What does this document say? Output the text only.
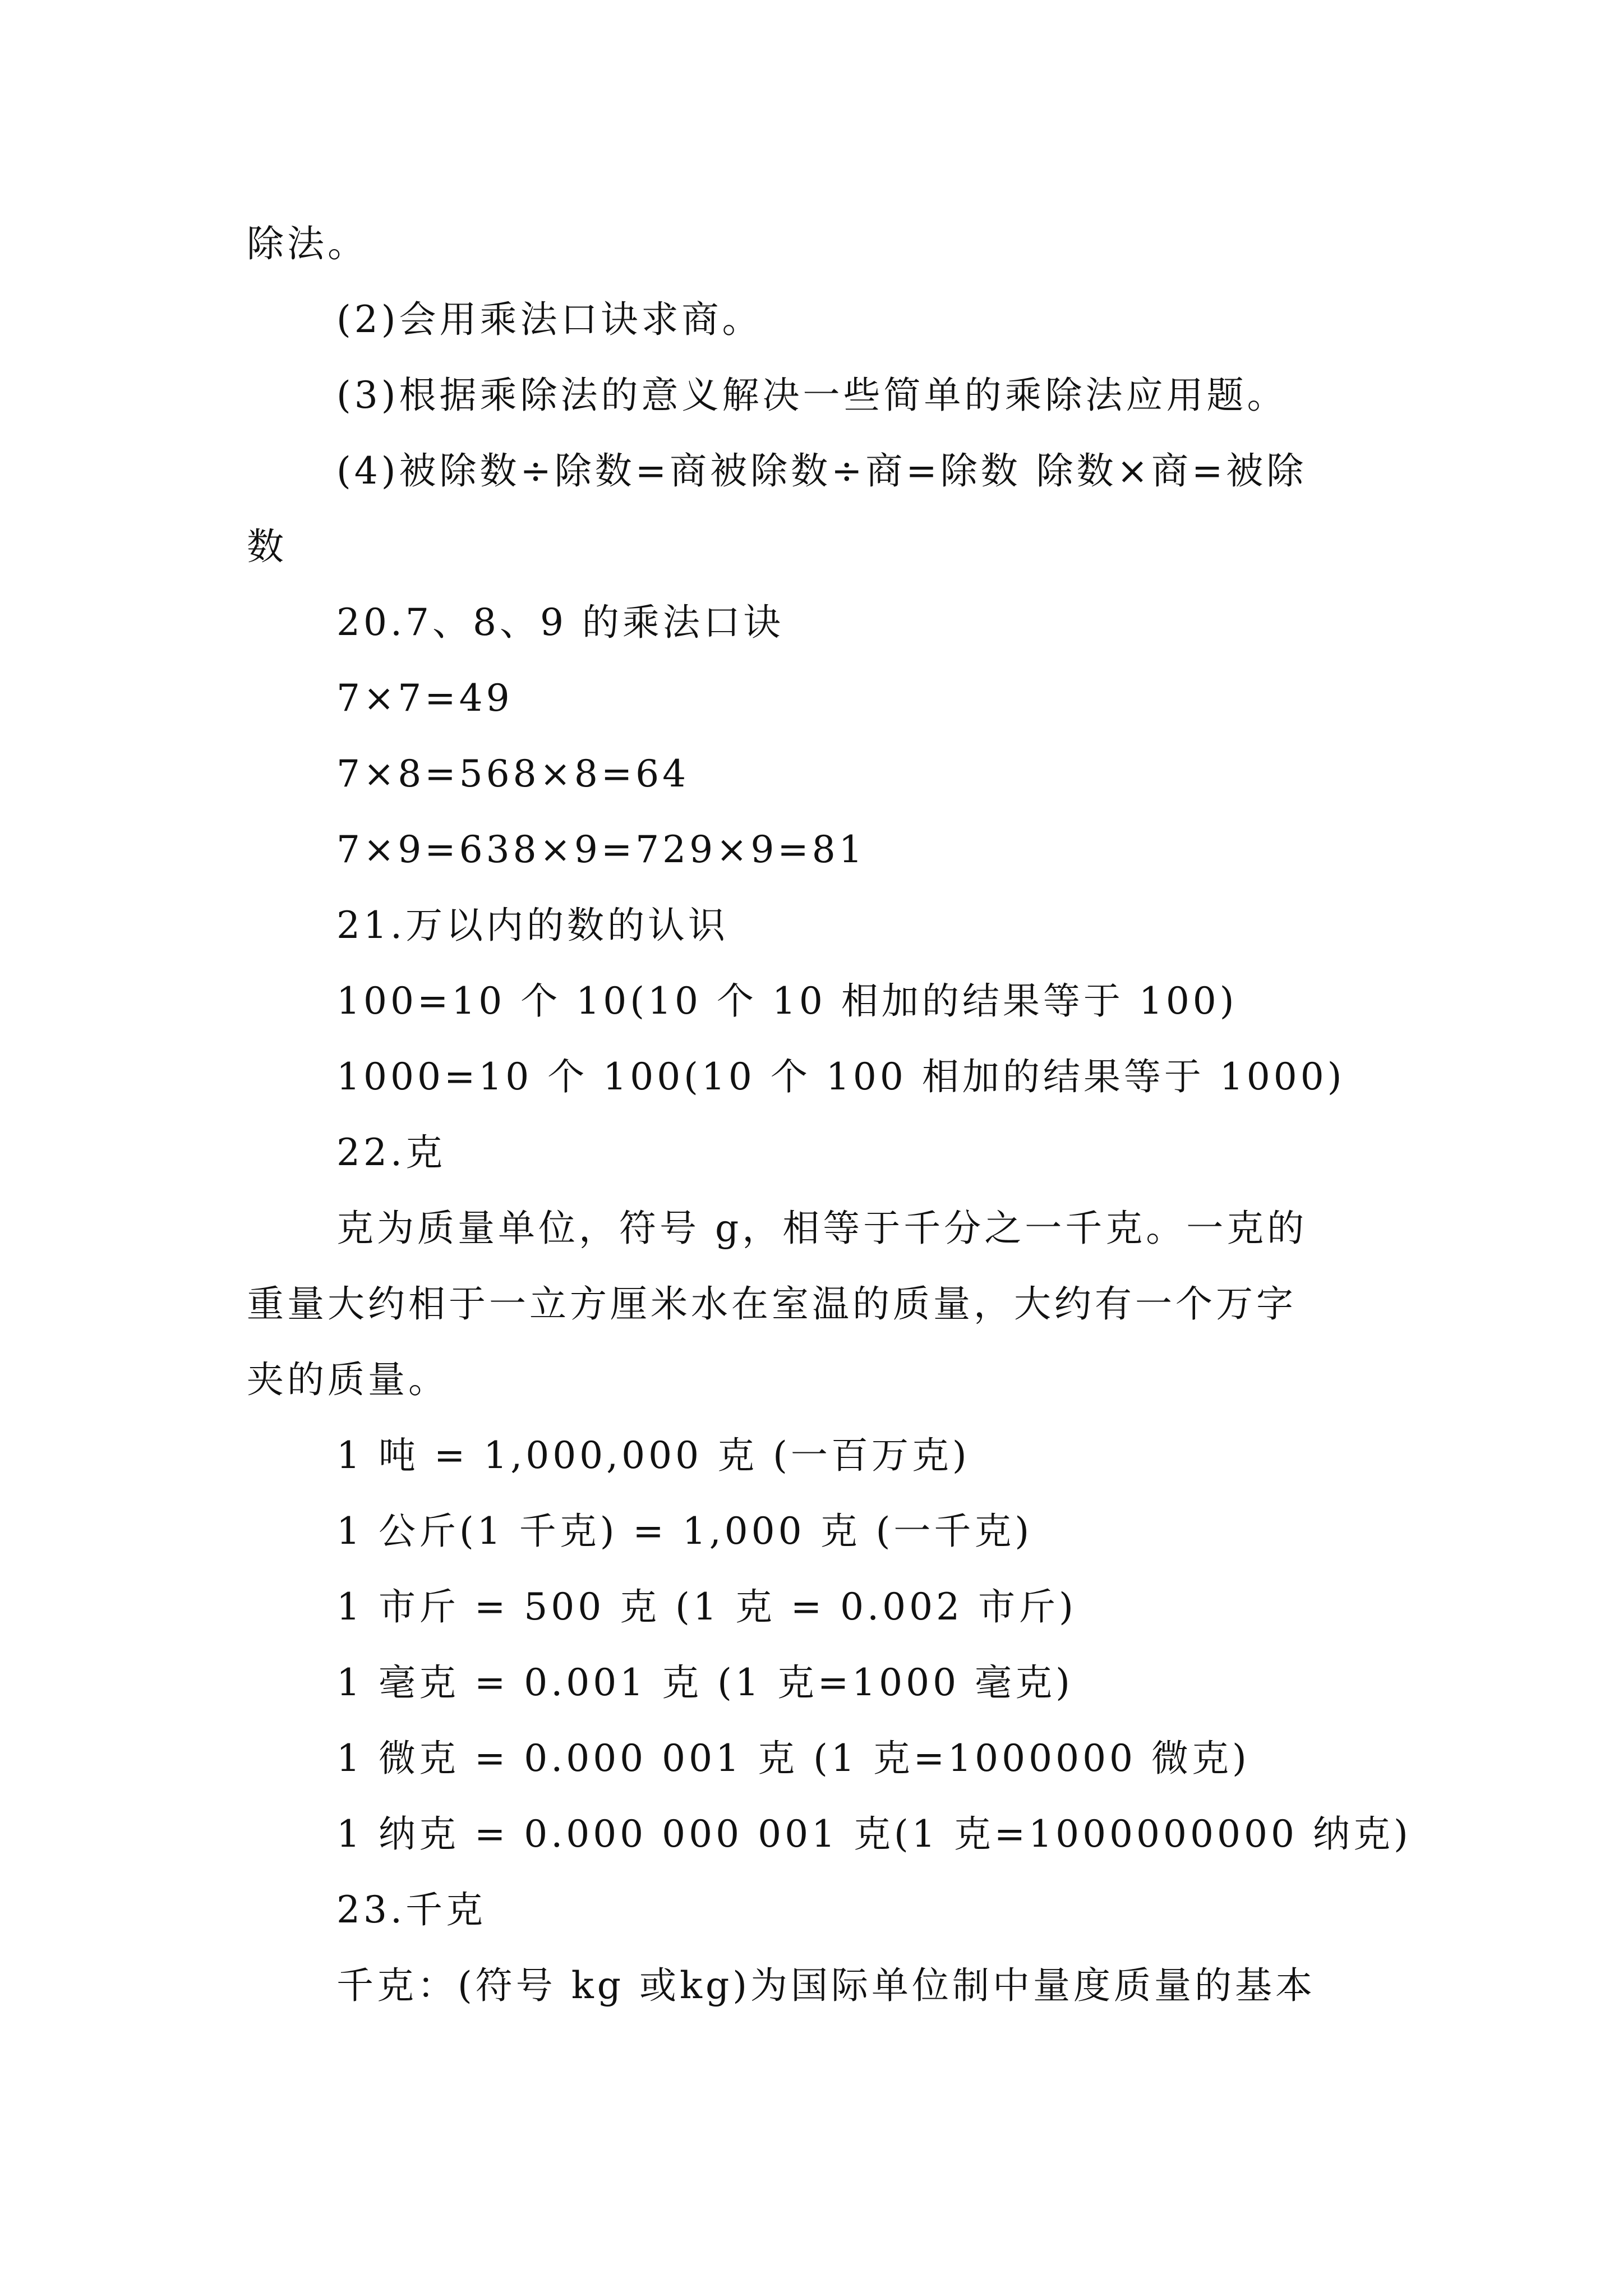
除法。
(2)会用乘法口诀求商。
(3)根据乘除法的意义解决一些简单的乘除法应用题。
(4)被除数÷除数=商被除数÷商=除数 除数×商=被除
数
20.7、8、9 的乘法口诀
7×7=49
7×8=568×8=64
7×9=638×9=729×9=81
21.万以内的数的认识
100=10 个 10(10 个 10 相加的结果等于 100)
1000=10 个 100(10 个 100 相加的结果等于 1000)
22.克
克为质量单位，符号 g，相等于千分之一千克。一克的
重量大约相于一立方厘米水在室温的质量，大约有一个万字
夹的质量。
1 吨 = 1,000,000 克 (一百万克)
1 公斤(1 千克) = 1,000 克 (一千克)
1 市斤 = 500 克 (1 克 = 0.002 市斤)
1 毫克 = 0.001 克 (1 克=1000 毫克)
1 微克 = 0.000 001 克 (1 克=1000000 微克)
1 纳克 = 0.000 000 001 克(1 克=1000000000 纳克)
23.千克
千克：(符号 kg 或kg)为国际单位制中量度质量的基本
